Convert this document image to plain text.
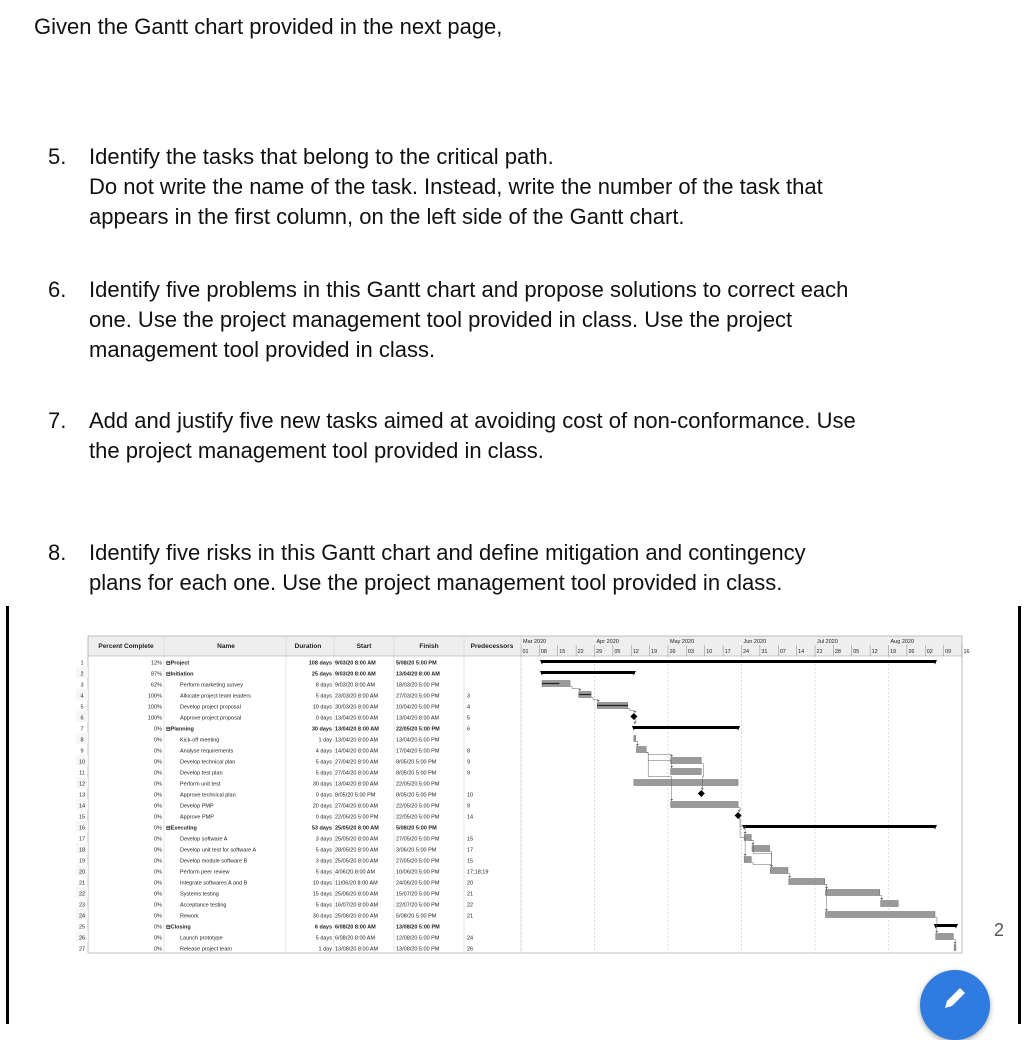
Given the Gantt chart provided in the next page,
5. Identify the tasks that belong to the critical path.
Do not write the name of the task. Instead, write the number of the task that
appears in the first column, on the left side of the Gantt chart.
6. Identify five problems in this Gantt chart and propose solutions to correct each
one. Use the project management tool provided in class. Use the project
management tool provided in class.
7. Add and justify five new tasks aimed at avoiding cost of non-conformance. Use
the project management tool provided in class.
8. Identify five risks in this Gantt chart and define mitigation and contingency
plans for each one. Use the project management tool provided in class.
Percent Complete	Name	Duration	Start	Finish	Predecessors
Mar 2020	Apr 2020	May 2020	Jun 2020	Jul 2020	Aug 2020
01 08 15 22 29 05 12 19 26 03 10 17 24 31 07 14 21 28 05 12 19 26 02 09 16
1	12% ⊟Project	108 days 9/03/20 8:00 AM	5/08/20 5:00 PM
2	87% ⊟Initiation	25 days 9/03/20 8:00 AM	13/04/20 8:00 AM
3	62%	Perform marketing survey	8 days 9/03/20 8:00 AM	18/03/20 5:00 PM
4	100%	Allocate project team leaders	5 days 23/03/20 8:00 AM	27/03/20 5:00 PM	3
5	100%	Develop project proposal	10 days 30/03/20 8:00 AM	10/04/20 5:00 PM	4
6	100%	Approve project proposal	0 days 13/04/20 8:00 AM	13/04/20 8:00 AM	5
7	0% ⊟Planning	30 days 13/04/20 8:00 AM	22/05/20 5:00 PM	6
8	0%	Kick-off meeting	1 day 13/04/20 8:00 AM	13/04/20 5:00 PM
9	0%	Analyse requirements	4 days 14/04/20 8:00 AM	17/04/20 5:00 PM	8
10	0%	Develop technical plan	5 days 27/04/20 8:00 AM	8/05/20 5:00 PM	9
11	0%	Develop test plan	5 days 27/04/20 8:00 AM	8/05/20 5:00 PM	9
12	0%	Perform unit test	30 days 13/04/20 8:00 AM	22/05/20 5:00 PM
13	0%	Approve technical plan	0 days 8/05/20 5:00 PM	8/05/20 5:00 PM	10
14	0%	Develop PMP	20 days 27/04/20 8:00 AM	22/05/20 5:00 PM	9
15	0%	Approve PMP	0 days 22/05/20 5:00 PM	22/05/20 5:00 PM	14
16	0% ⊟Executing	53 days 25/05/20 8:00 AM	5/08/20 5:00 PM
17	0%	Develop software A	3 days 25/05/20 8:00 AM	27/05/20 5:00 PM	15
18	0%	Develop unit test for software A	5 days 28/05/20 8:00 AM	3/06/20 5:00 PM	17
19	0%	Develop module software B	3 days 25/05/20 8:00 AM	27/05/20 5:00 PM	15
20	0%	Perform peer review	5 days 4/06/20 8:00 AM	10/06/20 5:00 PM	17;18;19
21	0%	Integrate softwares A and B	10 days 11/06/20 8:00 AM	24/06/20 5:00 PM	20
22	0%	Systems testing	15 days 25/06/20 8:00 AM	15/07/20 5:00 PM	21
23	0%	Acceptance testing	5 days 16/07/20 8:00 AM	22/07/20 5:00 PM	22
24	0%	Rework	30 days 25/06/20 8:00 AM	5/08/20 5:00 PM	21
25	0% ⊟Closing	6 days 6/08/20 8:00 AM	13/08/20 5:00 PM
26	0%	Launch prototype	5 days 6/08/20 8:00 AM	12/08/20 5:00 PM	24
27	0%	Release project team	1 day 13/08/20 8:00 AM	13/08/20 5:00 PM	26
2
